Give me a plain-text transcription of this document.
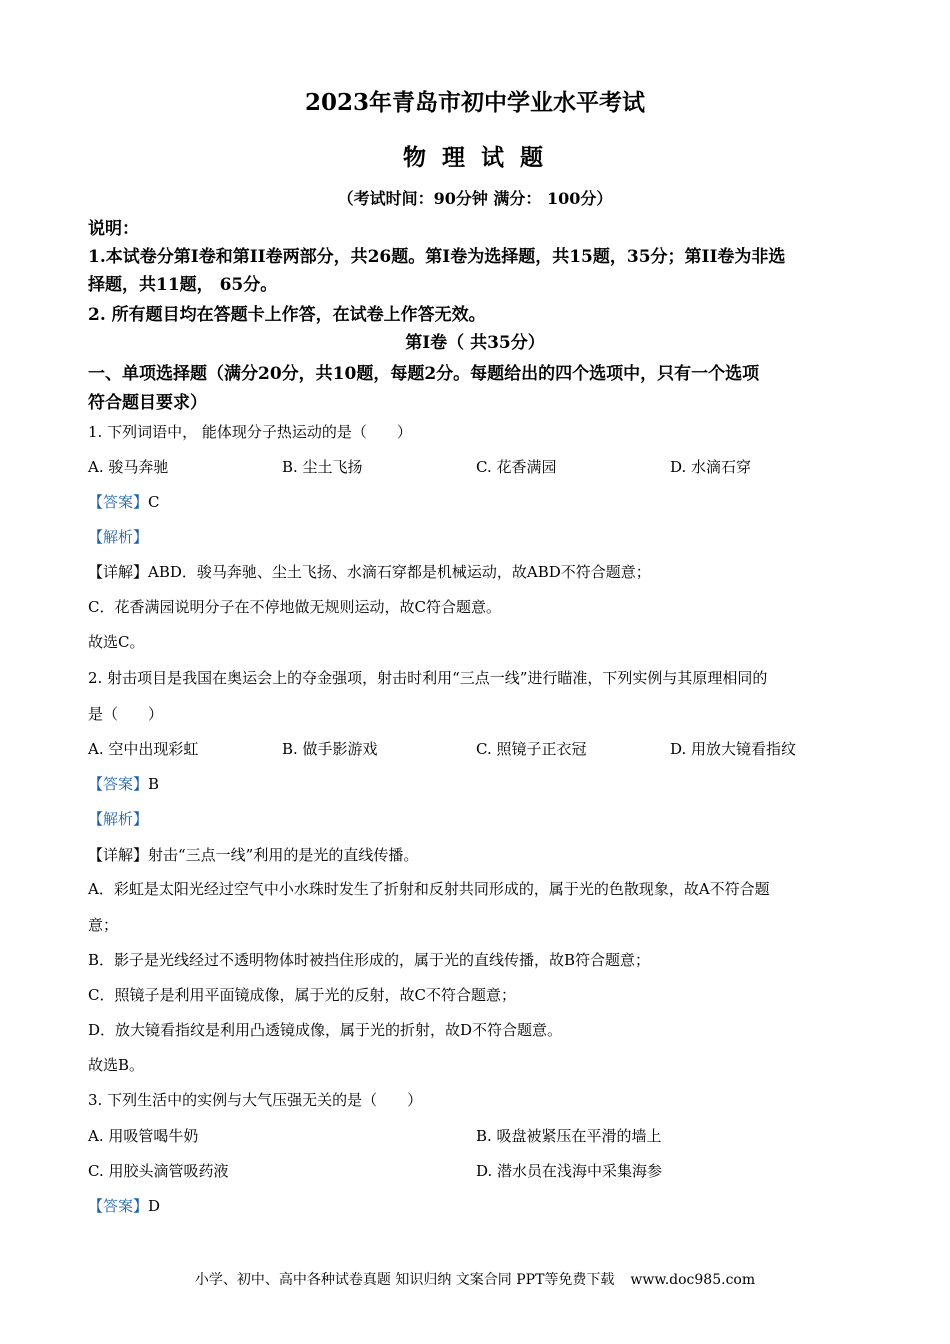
2023年青岛市初中学业水平考试
物 理 试 题
（考试时间：90分钟 满分： 100分）
说明：
1.本试卷分第I卷和第II卷两部分，共26题。第I卷为选择题，共15题，35分；第II卷为非选
择题，共11题， 65分。
2. 所有题目均在答题卡上作答，在试卷上作答无效。
第I卷（ 共35分）
一、单项选择题（满分20分，共10题，每题2分。每题给出的四个选项中，只有一个选项
符合题目要求）
1. 下列词语中， 能体现分子热运动的是（　　）
A. 骏马奔驰	B. 尘土飞扬	C. 花香满园	D. 水滴石穿
【答案】C
【解析】
【详解】ABD．骏马奔驰、尘土飞扬、水滴石穿都是机械运动，故ABD不符合题意；
C．花香满园说明分子在不停地做无规则运动，故C符合题意。
故选C。
2. 射击项目是我国在奥运会上的夺金强项，射击时利用“三点一线”进行瞄准，下列实例与其原理相同的
是（　　）
A. 空中出现彩虹	B. 做手影游戏	C. 照镜子正衣冠	D. 用放大镜看指纹
【答案】B
【解析】
【详解】射击“三点一线”利用的是光的直线传播。
A．彩虹是太阳光经过空气中小水珠时发生了折射和反射共同形成的，属于光的色散现象，故A不符合题
意；
B．影子是光线经过不透明物体时被挡住形成的，属于光的直线传播，故B符合题意；
C．照镜子是利用平面镜成像，属于光的反射，故C不符合题意；
D．放大镜看指纹是利用凸透镜成像，属于光的折射，故D不符合题意。
故选B。
3. 下列生活中的实例与大气压强无关的是（　　）
A. 用吸管喝牛奶	B. 吸盘被紧压在平滑的墙上
C. 用胶头滴管吸药液	D. 潜水员在浅海中采集海参
【答案】D
小学、初中、高中各种试卷真题 知识归纳 文案合同 PPT等免费下载 www.doc985.com
